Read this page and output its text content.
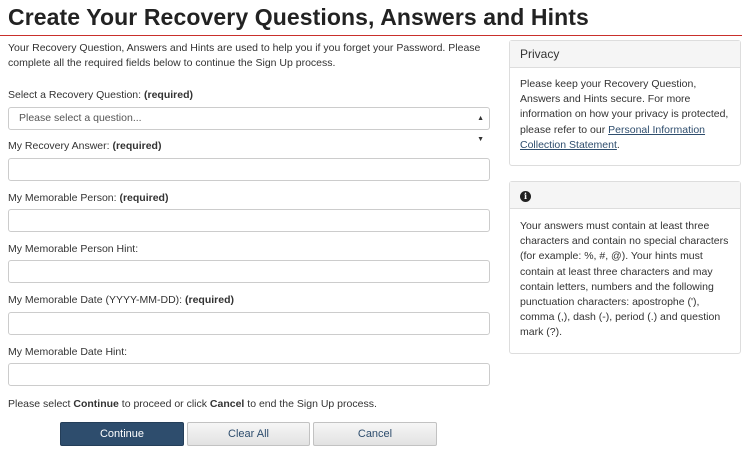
Create Your Recovery Questions, Answers and Hints

Your Recovery Question, Answers and Hints are used to help you if you forget your Password. Please complete all the required fields below to continue the Sign Up process.

Select a Recovery Question: (required)
Please select a question...	▲
▼
My Recovery Answer: (required)
My Memorable Person: (required)
My Memorable Person Hint:
My Memorable Date (YYYY-MM-DD): (required)
My Memorable Date Hint:
Please select Continue to proceed or click Cancel to end the Sign Up process.
Continue	Clear All	Cancel
Privacy
Please keep your Recovery Question, Answers and Hints secure. For more information on how your privacy is protected, please refer to our Personal Information Collection Statement.
i
Your answers must contain at least three characters and contain no special characters (for example: %, #, @). Your hints must contain at least three characters and may contain letters, numbers and the following punctuation characters: apostrophe ('), comma (,), dash (-), period (.) and question mark (?).
